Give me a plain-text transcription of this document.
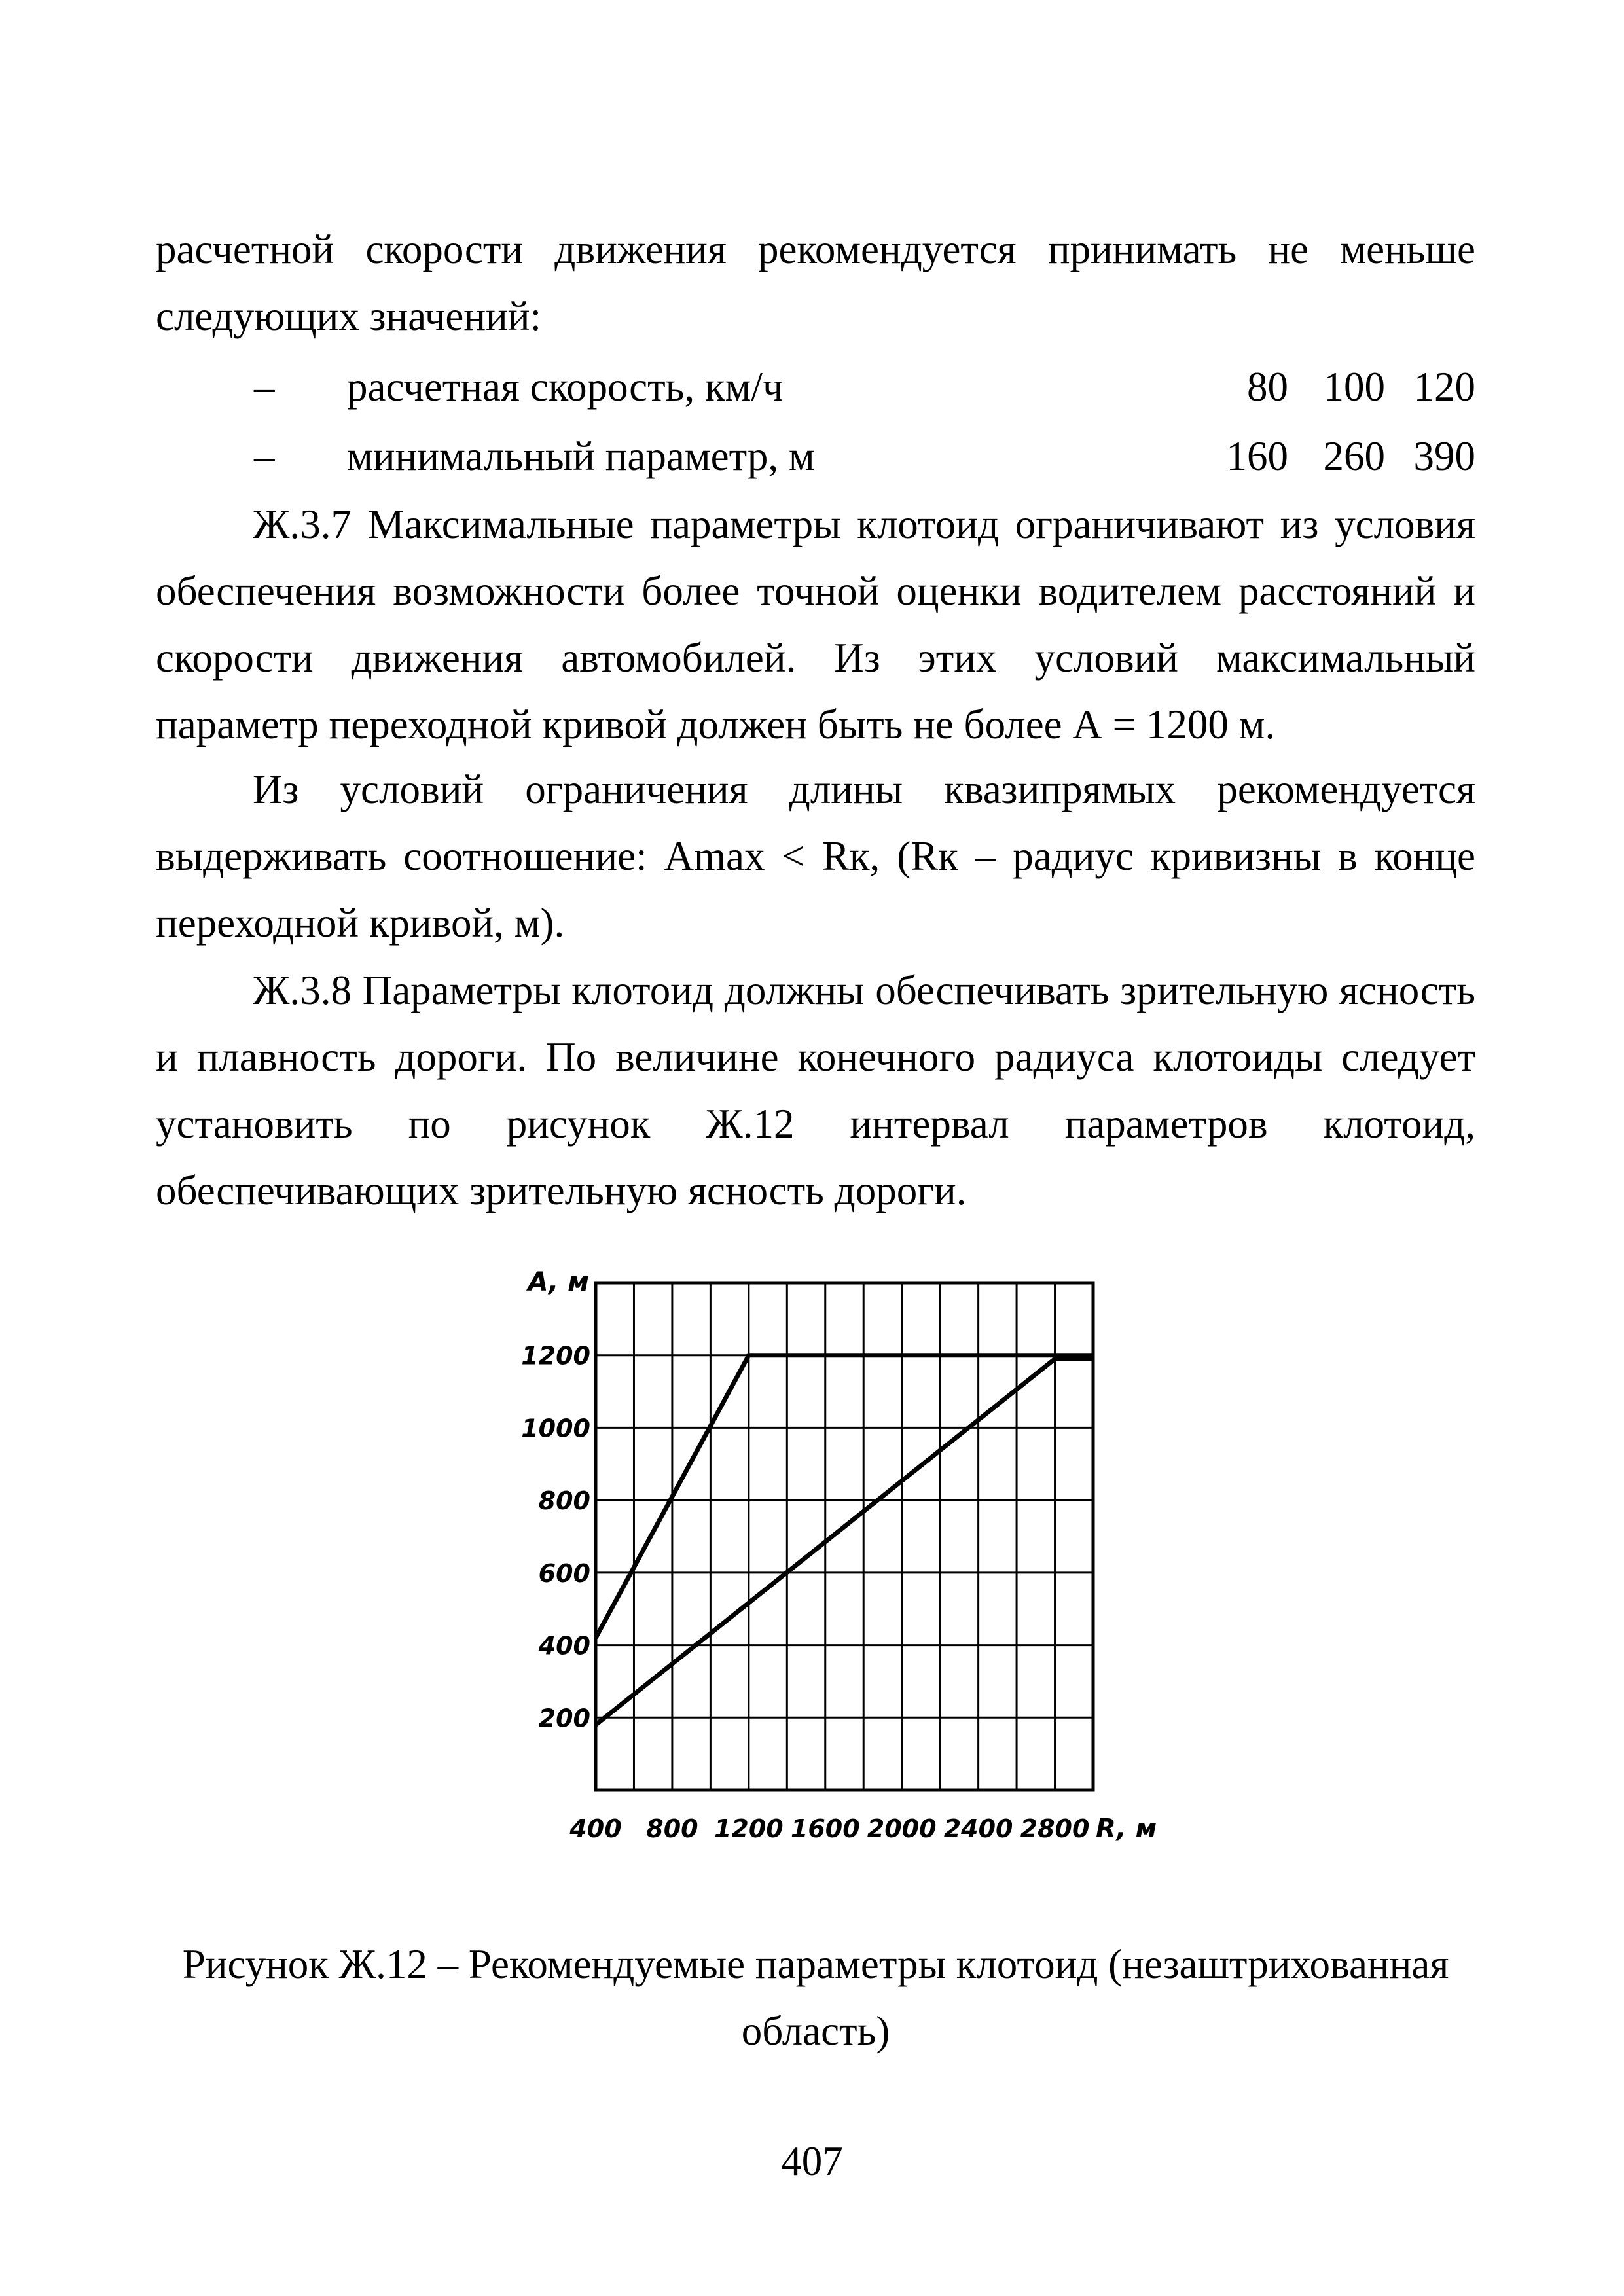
расчетной скорости движения рекомендуется принимать не меньше следующих значений:

– расчетная скорость, км/ч	80 100 120
– минимальный параметр, м	160 260 390

Ж.3.7 Максимальные параметры клотоид ограничивают из условия обеспечения возможности более точной оценки водителем расстояний и скорости движения автомобилей. Из этих условий максимальный параметр переходной кривой должен быть не более А = 1200 м.

Из условий ограничения длины квазипрямых рекомендуется выдерживать соотношение: Amax < Rк, (Rк – радиус кривизны в конце переходной кривой, м).

Ж.3.8 Параметры клотоид должны обеспечивать зрительную ясность и плавность дороги. По величине конечного радиуса клотоиды следует установить по рисунок Ж.12 интервал параметров клотоид, обеспечивающих зрительную ясность дороги.

200
400
600
800
1000
1200
400 800 1200 1600 2000 2400 2800
A, м
R, м

Рисунок Ж.12 – Рекомендуемые параметры клотоид (незаштрихованная область)

407
